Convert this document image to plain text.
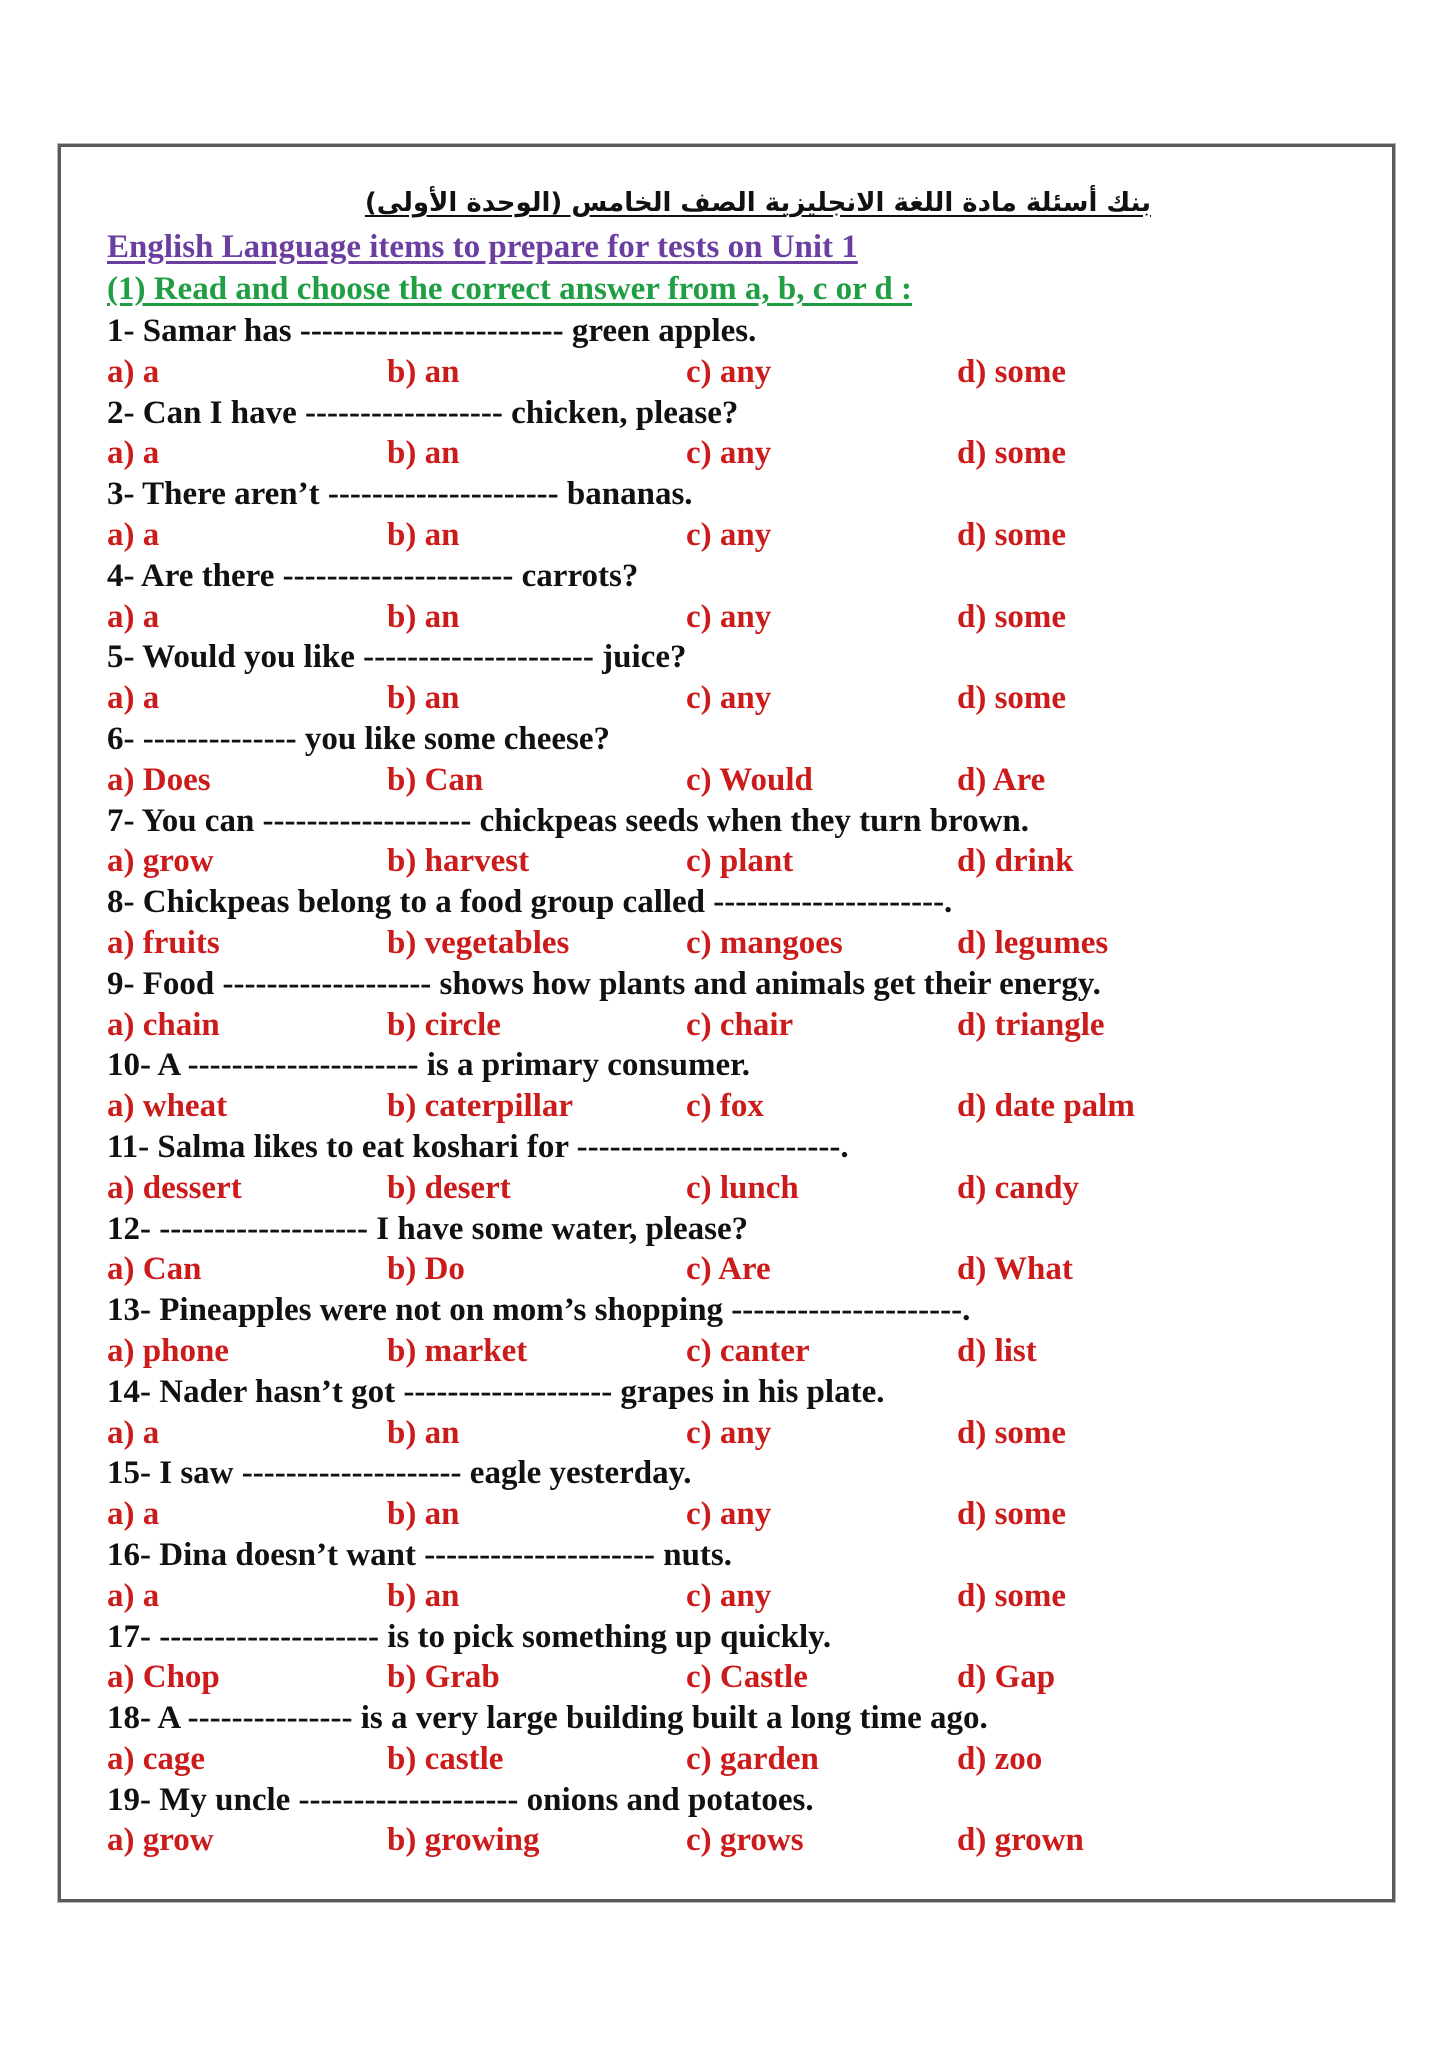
بنك أسئلة مادة اللغة الانجليزية الصف الخامس (الوحدة الأولى)
English Language items to prepare for tests on Unit 1
(1) Read and choose the correct answer from a, b, c or d :
1- Samar has ------------------------ green apples.
a) a	b) an	c) any	d) some
2- Can I have ------------------ chicken, please?
a) a	b) an	c) any	d) some
3- There aren’t --------------------- bananas.
a) a	b) an	c) any	d) some
4- Are there --------------------- carrots?
a) a	b) an	c) any	d) some
5- Would you like --------------------- juice?
a) a	b) an	c) any	d) some
6- -------------- you like some cheese?
a) Does	b) Can	c) Would	d) Are
7- You can ------------------- chickpeas seeds when they turn brown.
a) grow	b) harvest	c) plant	d) drink
8- Chickpeas belong to a food group called ---------------------.
a) fruits	b) vegetables	c) mangoes	d) legumes
9- Food ------------------- shows how plants and animals get their energy.
a) chain	b) circle	c) chair	d) triangle
10- A --------------------- is a primary consumer.
a) wheat	b) caterpillar	c) fox	d) date palm
11- Salma likes to eat koshari for ------------------------.
a) dessert	b) desert	c) lunch	d) candy
12- ------------------- I have some water, please?
a) Can	b) Do	c) Are	d) What
13- Pineapples were not on mom’s shopping ---------------------.
a) phone	b) market	c) canter	d) list
14- Nader hasn’t got ------------------- grapes in his plate.
a) a	b) an	c) any	d) some
15- I saw -------------------- eagle yesterday.
a) a	b) an	c) any	d) some
16- Dina doesn’t want --------------------- nuts.
a) a	b) an	c) any	d) some
17- -------------------- is to pick something up quickly.
a) Chop	b) Grab	c) Castle	d) Gap
18- A --------------- is a very large building built a long time ago.
a) cage	b) castle	c) garden	d) zoo
19- My uncle -------------------- onions and potatoes.
a) grow	b) growing	c) grows	d) grown
